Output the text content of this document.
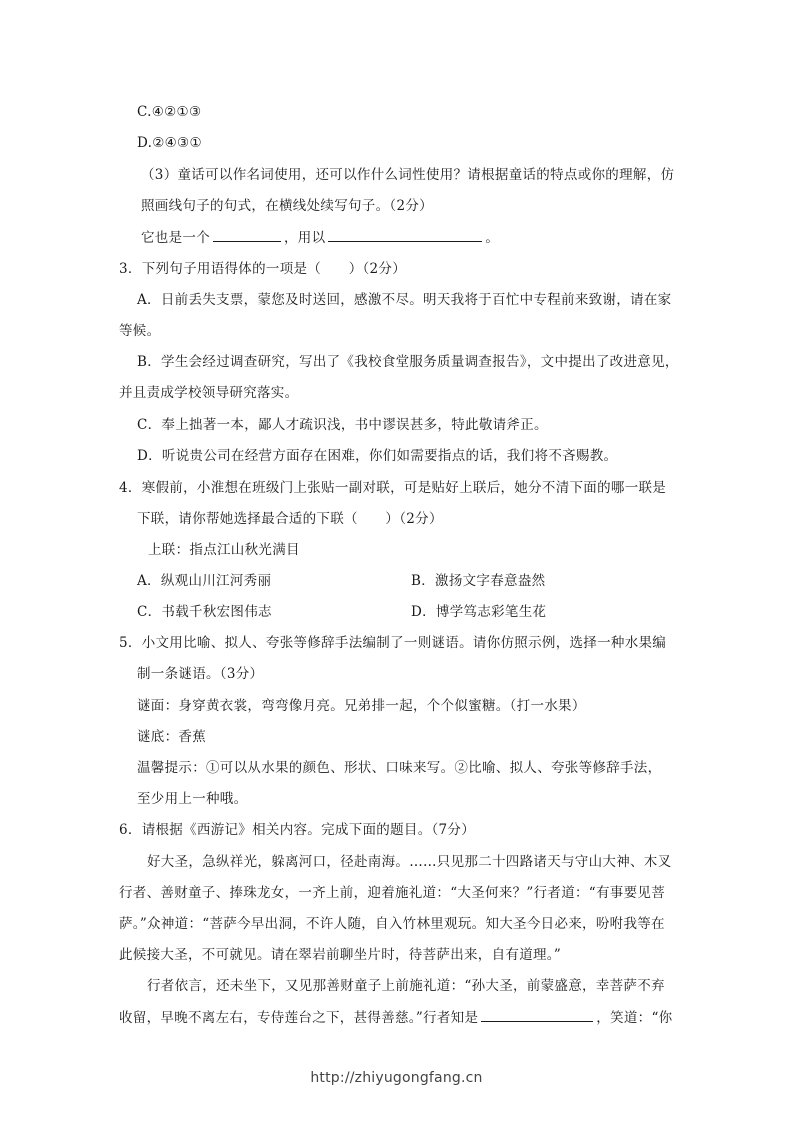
C.④②①③
D.②④③①
（3）童话可以作名词使用，还可以作什么词性使用？请根据童话的特点或你的理解，仿
照画线句子的句式，在横线处续写句子。（2分）
它也是一个	，用以	。
3．下列句子用语得体的一项是（　　）（2分）
A．日前丢失支票，蒙您及时送回，感激不尽。明天我将于百忙中专程前来致谢，请在家
等候。
B．学生会经过调查研究，写出了《我校食堂服务质量调查报告》，文中提出了改进意见，
并且责成学校领导研究落实。
C．奉上拙著一本，鄙人才疏识浅，书中谬误甚多，特此敬请斧正。
D．听说贵公司在经营方面存在困难，你们如需要指点的话，我们将不吝赐教。
4．寒假前，小淮想在班级门上张贴一副对联，可是贴好上联后，她分不清下面的哪一联是
下联，请你帮她选择最合适的下联（　　）（2分）
上联：指点江山秋光满目
A．纵观山川江河秀丽	B．激扬文字春意盎然
C．书载千秋宏图伟志	D．博学笃志彩笔生花
5．小文用比喻、拟人、夸张等修辞手法编制了一则谜语。请你仿照示例，选择一种水果编
制一条谜语。（3分）
谜面：身穿黄衣裳，弯弯像月亮。兄弟排一起，个个似蜜糖。（打一水果）
谜底：香蕉
温馨提示：①可以从水果的颜色、形状、口味来写。②比喻、拟人、夸张等修辞手法，
至少用上一种哦。
6．请根据《西游记》相关内容。完成下面的题目。（7分）
好大圣，急纵祥光，躲离河口，径赴南海。……只见那二十四路诸天与守山大神、木叉
行者、善财童子、捧珠龙女，一齐上前，迎着施礼道：“大圣何来？”行者道：“有事要见菩
萨。”众神道：“菩萨今早出洞，不许人随，自入竹林里观玩。知大圣今日必来，吩咐我等在
此候接大圣，不可就见。请在翠岩前聊坐片时，待菩萨出来，自有道理。”
行者依言，还未坐下，又见那善财童子上前施礼道：“孙大圣，前蒙盛意，幸菩萨不弃
收留，早晚不离左右，专侍莲台之下，甚得善慈。”行者知是	，笑道：“你
http://zhiyugongfang.cn
